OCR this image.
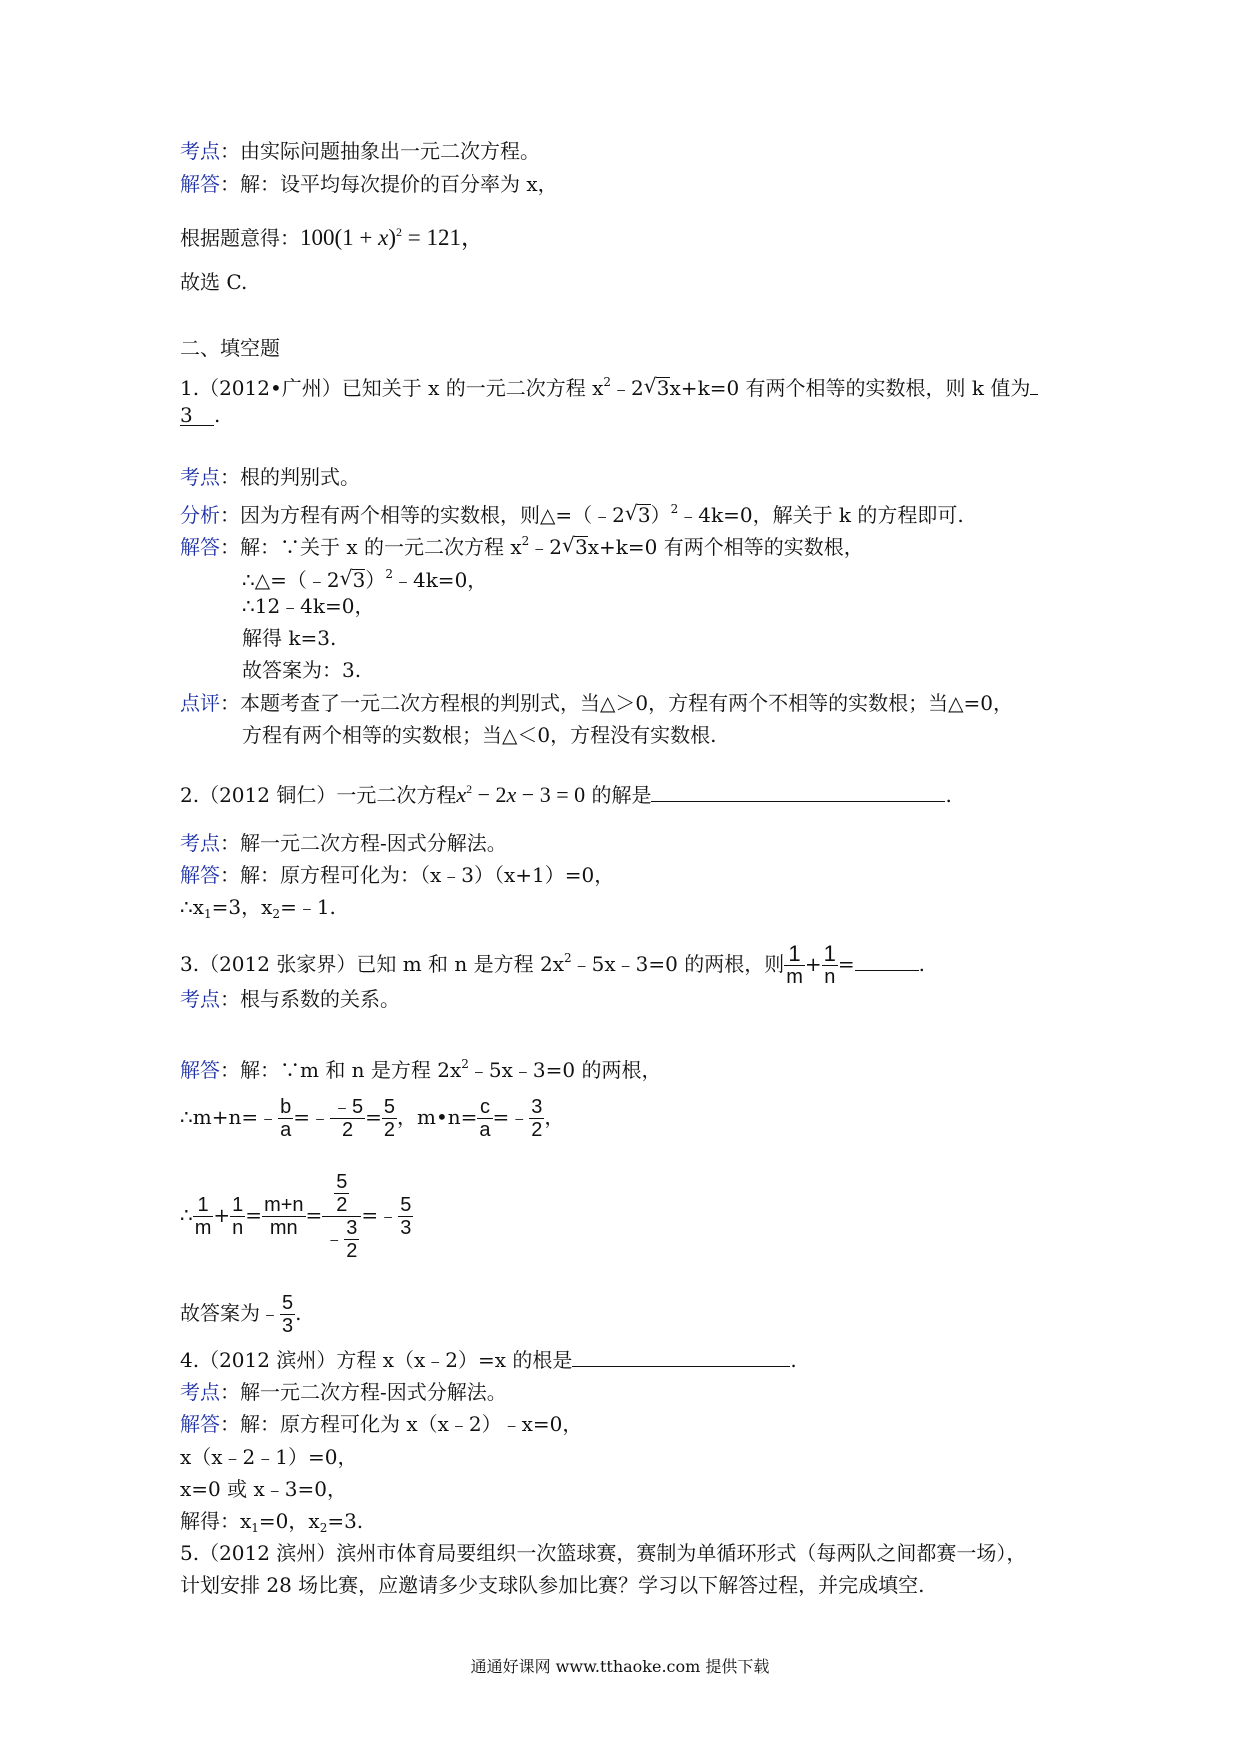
考点：由实际问题抽象出一元二次方程。
解答：解：设平均每次提价的百分率为 x，
根据题意得：$100(1 + x)^2 = 121$，
故选 C.
二、填空题
1.（2012•广州）已知关于 x 的一元二次方程 $x^2﹣2√$ 3x+k=0 有两个相等的实数根，则 k 值为
3 .
考点：根的判别式。
分析：因为方程有两个相等的实数根，则△=（﹣2√ 3）$^2$﹣4k=0，解关于 k 的方程即可.
解答：解：∵关于 x 的一元二次方程 $x^2﹣2√$ 3x+k=0 有两个相等的实数根，
∴△=（﹣2√ 3）$^2$﹣4k=0，
∴12﹣4k=0，
解得 k=3.
故答案为：3.
点评：本题考查了一元二次方程根的判别式，当△＞0，方程有两个不相等的实数根；当△=0，
方程有两个相等的实数根；当△＜0，方程没有实数根.
2.（2012 铜仁）一元二次方程$x^2 - 2x - 3 = 0$ 的解是	.
考点：解一元二次方程-因式分解法。
解答：解：原方程可化为：（x﹣3）（x+1）=0，
$\therefore x_1=3$，$x_2=﹣1$.
3.（2012 张家界）已知 m 和 n 是方程 $2x^2﹣5x﹣3=0$ 的两根，则 $\frac{1}{m} + \frac{1}{n}$ =	.
考点：根与系数的关系。
解答：解：∵m 和 n 是方程 $2x^2﹣5x﹣3=0$ 的两根，
∴m+n=﹣ $\frac{b}{a}$ =﹣ $\frac{﹣5}{2} = \frac{5}{2}$ ，m•n= $\frac{c}{a}$ =﹣ $\frac{3}{2}$ ，
∴ $\frac{1}{m} + \frac{1}{n} = \frac{m+n}{mn} = \frac{\frac{5}{2}}{﹣ \frac{3}{2}}$ =﹣ $\frac{5}{3}$
故答案为﹣ $\frac{5}{3}$ .
4.（2012 滨州）方程 x（x﹣2）=x 的根是	.
考点：解一元二次方程-因式分解法。
解答：解：原方程可化为 x（x﹣2）﹣x=0，
x（x﹣2﹣1）=0，
x=0 或 x﹣3=0，
解得：$x_1=0$，$x_2=3$.
5.（2012 滨州）滨州市体育局要组织一次篮球赛，赛制为单循环形式（每两队之间都赛一场），
计划安排 28 场比赛，应邀请多少支球队参加比赛？学习以下解答过程，并完成填空.
通通好课网 www.tthaoke.com 提供下载
